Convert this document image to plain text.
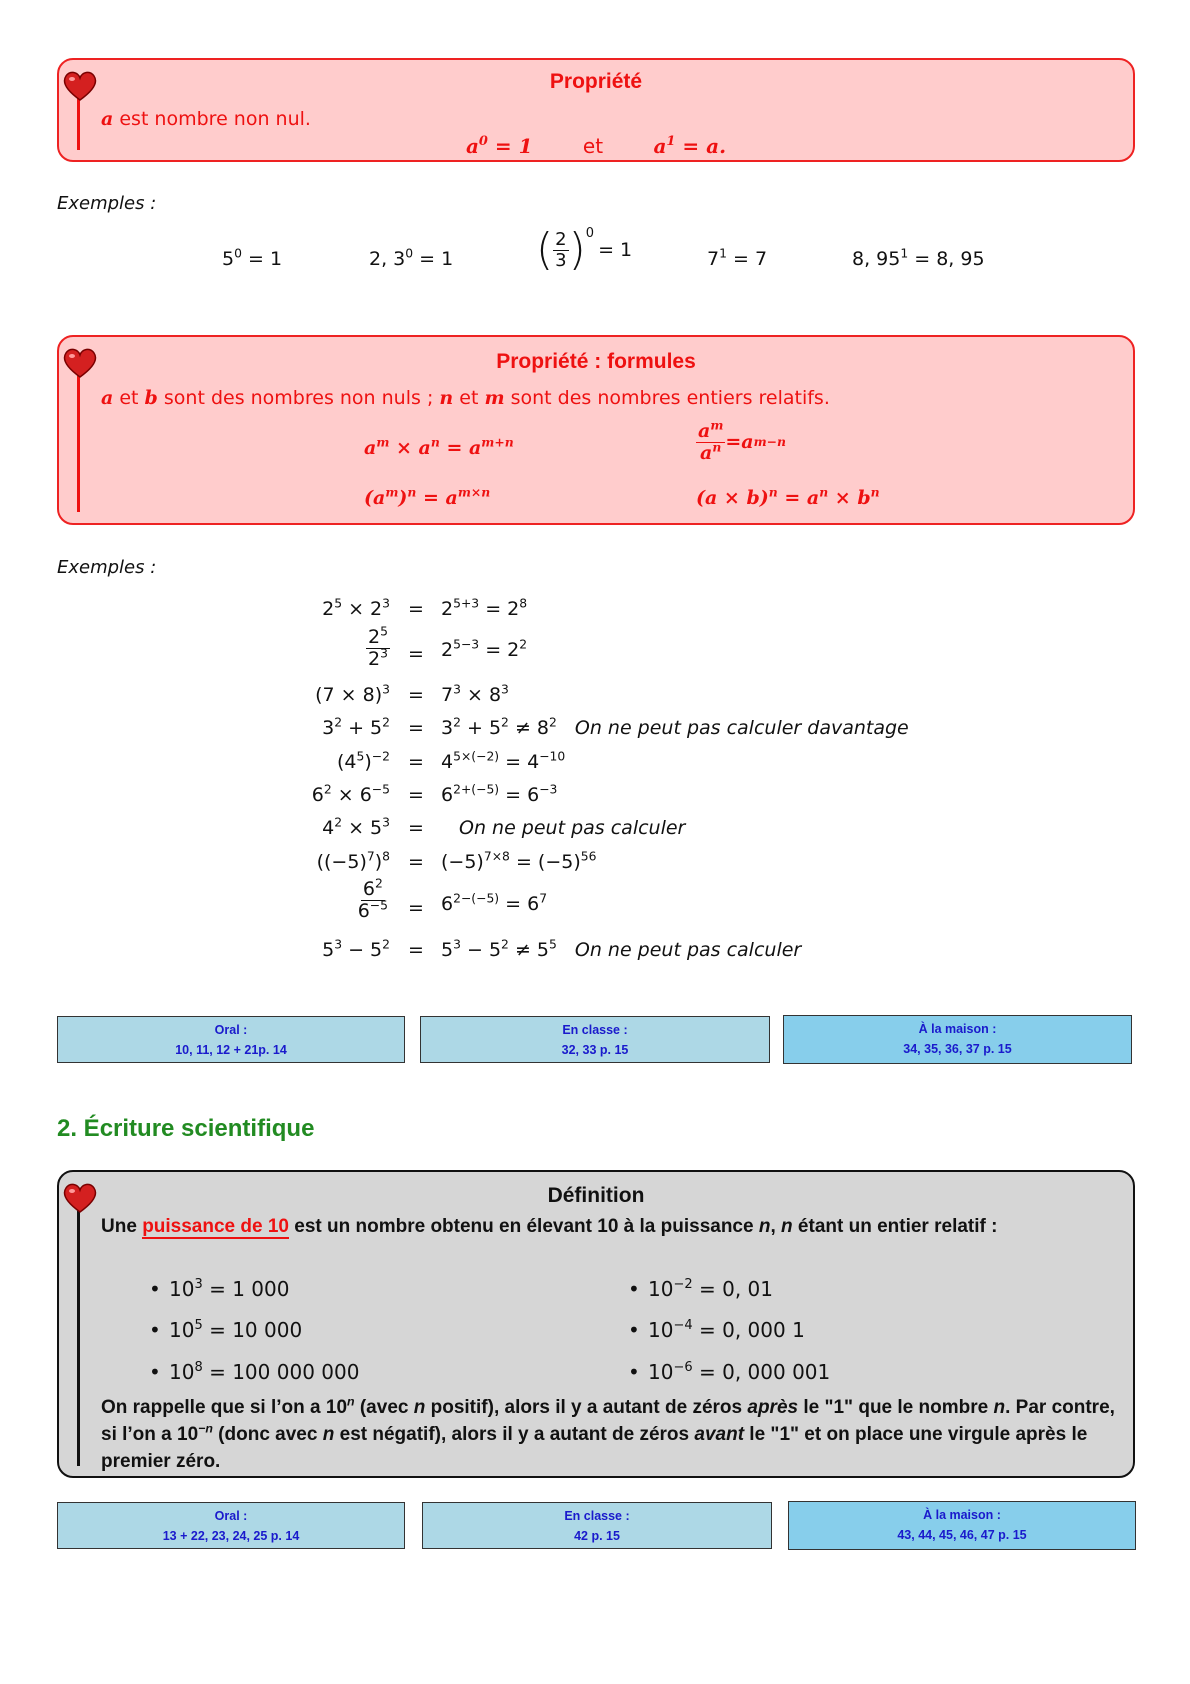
Propriété
a est nombre non nul.
$a^0 = 1$	et	$a^1 = a$.
Exemples :
$5^0 = 1$	2, $3^0 = 1$ ( $\frac{2}{3}$ ) 0
= 1	$7^1 = 7$	8, $95^1 = 8$, 95
Propriété : formules
a et b sont des nombres non nuls ; n et m sont des nombres entiers relatifs.
$a^m \times a^n = a^{m+n}$	$\frac{a^m}{a^n} = a$ m−n
$(a^m)^n = a^{m\times n}$	$(a \times b)^n = a^n \times b^n$
Exemples :
$2^5 \times 2^3 = 2^{5+3} = 2^8$
$\frac{2^5}{2^3} = 2^{5-3} = 2^2$
$(7 \times 8)^3 = 7^3 \times 8^3$
$3^2 + 5^2 = 3^2 + 5^2 \ne 8^2$ On ne peut pas calculer davantage
$(4^5)^{-2} = 4^{5\times(-2)} = 4^{-10}$
$6^2 \times 6^{-5} = 6^{2+(-5)} = 6^{-3}$
$4^2 \times 5^3$ =	On ne peut pas calculer
$((-5)^7)^8 = (-5)^{7\times 8} = (-5)^{56}$
$\frac{6^2}{6^{-5}} = 6^{2-(-5)} = 6^7$
$5^3 - 5^2 = 5^3 - 5^2 \ne 5^5$ On ne peut pas calculer
Oral :
10, 11, 12 + 21p. 14
En classe :
32, 33 p. 15
À la maison :
34, 35, 36, 37 p. 15
2. Écriture scientifique
Définition
Une puissance de 10 est un nombre obtenu en élevant 10 à la puissance n, n étant un entier relatif :
• $10^3 = 1$ 000
• $10^5 = 10$ 000
• $10^8 = 100$ 000 000
• $10^{-2} = 0$, 01
• $10^{-4} = 0$, 000 1
• $10^{-6} = 0$, 000 001
On rappelle que si l’on a 10$^n$ (avec n positif), alors il y a autant de zéros après le "1" que le nombre n. Par contre, si l’on a $10^{-n}$ (donc avec n est négatif), alors il y a autant de zéros avant le "1" et on place une virgule après le premier zéro.
Oral :
13 + 22, 23, 24, 25 p. 14
En classe :
42 p. 15
À la maison :
43, 44, 45, 46, 47 p. 15
